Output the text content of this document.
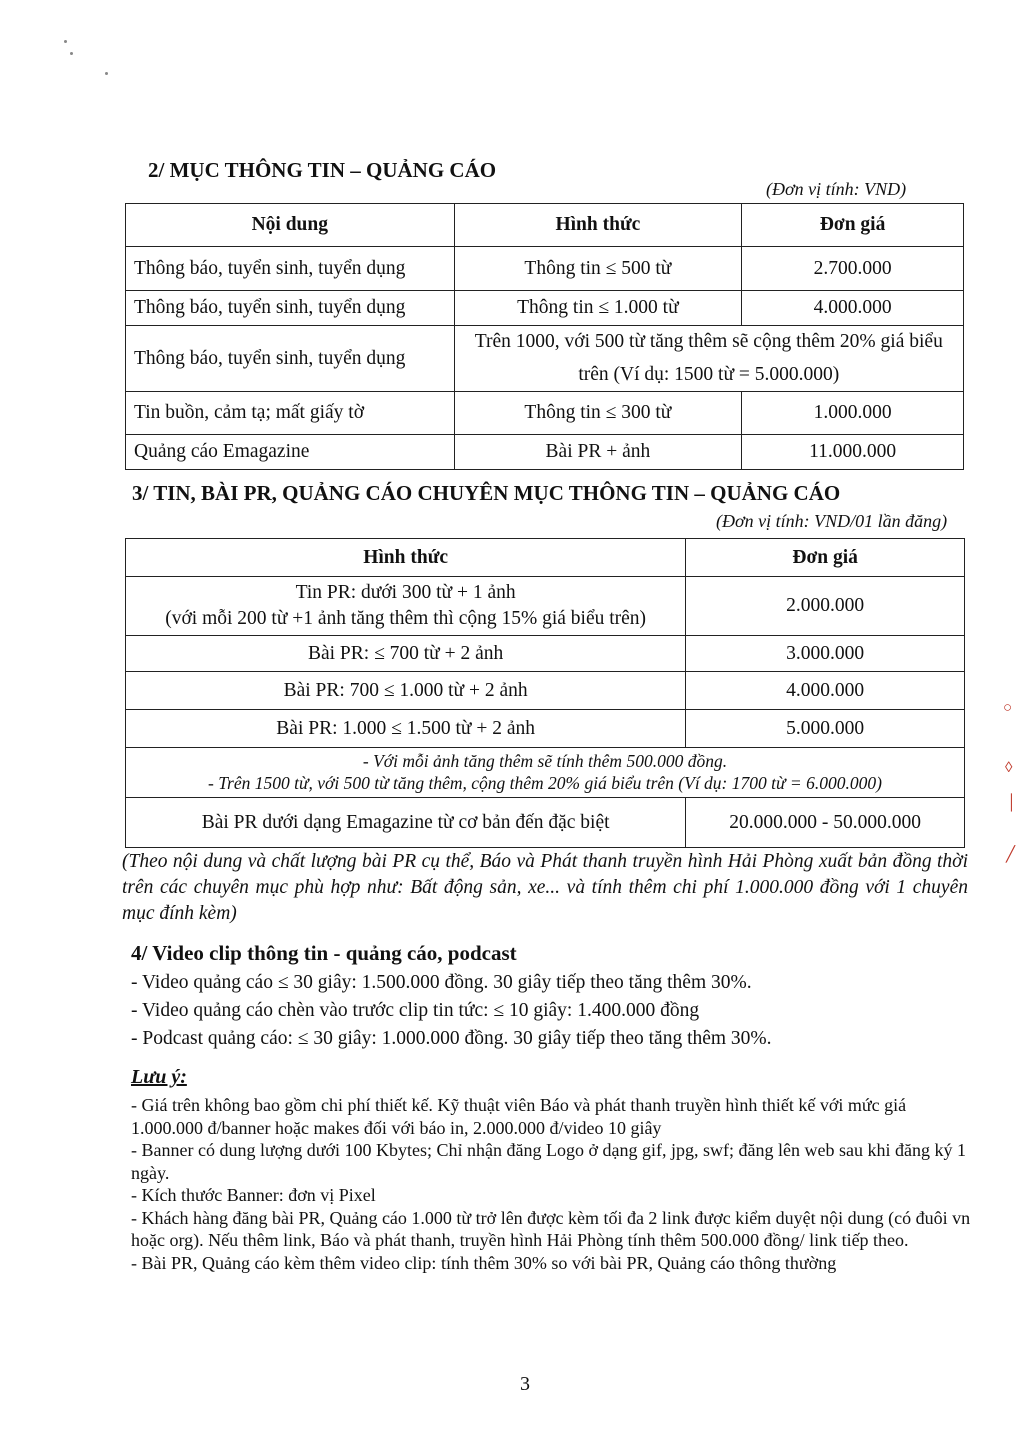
2/ MỤC THÔNG TIN – QUẢNG CÁO
(Đơn vị tính: VND)
Nội dung	Hình thức	Đơn giá
Thông báo, tuyển sinh, tuyển dụng	Thông tin ≤ 500 từ	2.700.000
Thông báo, tuyển sinh, tuyển dụng	Thông tin ≤ 1.000 từ	4.000.000
Thông báo, tuyển sinh, tuyển dụng	Trên 1000, với 500 từ tăng thêm sẽ cộng thêm 20% giá biểu trên (Ví dụ: 1500 từ = 5.000.000)	
Tin buồn, cảm tạ; mất giấy tờ	Thông tin ≤ 300 từ	1.000.000
Quảng cáo Emagazine	Bài PR + ảnh	11.000.000
3/ TIN, BÀI PR, QUẢNG CÁO CHUYÊN MỤC THÔNG TIN – QUẢNG CÁO
(Đơn vị tính: VND/01 lần đăng)
Hình thức	Đơn giá

Tin PR: dưới 300 từ + 1 ảnh
(với mỗi 200 từ +1 ảnh tăng thêm thì cộng 15% giá biểu trên)	2.000.000
Bài PR: ≤ 700 từ + 2 ảnh	3.000.000
Bài PR: 700 ≤ 1.000 từ + 2 ảnh	4.000.000
Bài PR: 1.000 ≤ 1.500 từ + 2 ảnh	5.000.000

- Với mỗi ảnh tăng thêm sẽ tính thêm 500.000 đồng.
- Trên 1500 từ, với 500 từ tăng thêm, cộng thêm 20% giá biểu trên (Ví dụ: 1700 từ = 6.000.000)	

Bài PR dưới dạng Emagazine từ cơ bản đến đặc biệt	20.000.000 - 50.000.000
(Theo nội dung và chất lượng bài PR cụ thể, Báo và Phát thanh truyền hình Hải Phòng xuất bản đồng thời trên các chuyên mục phù hợp như: Bất động sản, xe... và tính thêm chi phí 1.000.000 đồng với 1 chuyên mục đính kèm)
4/ Video clip thông tin - quảng cáo, podcast
- Video quảng cáo ≤ 30 giây: 1.500.000 đồng. 30 giây tiếp theo tăng thêm 30%.
- Video quảng cáo chèn vào trước clip tin tức: ≤ 10 giây: 1.400.000 đồng
- Podcast quảng cáo: ≤ 30 giây: 1.000.000 đồng. 30 giây tiếp theo tăng thêm 30%.
Lưu ý:
- Giá trên không bao gồm chi phí thiết kế. Kỹ thuật viên Báo và phát thanh truyền hình thiết kế với mức giá 1.000.000 đ/banner hoặc makes đối với báo in, 2.000.000 đ/video 10 giây
- Banner có dung lượng dưới 100 Kbytes; Chỉ nhận đăng Logo ở dạng gif, jpg, swf; đăng lên web sau khi đăng ký 1 ngày.
- Kích thước Banner: đơn vị Pixel
- Khách hàng đăng bài PR, Quảng cáo 1.000 từ trở lên được kèm tối đa 2 link được kiểm duyệt nội dung (có đuôi vn hoặc org). Nếu thêm link, Báo và phát thanh, truyền hình Hải Phòng tính thêm 500.000 đồng/ link tiếp theo.
- Bài PR, Quảng cáo kèm thêm video clip: tính thêm 30% so với bài PR, Quảng cáo thông thường
3
○
◊
│
╱
